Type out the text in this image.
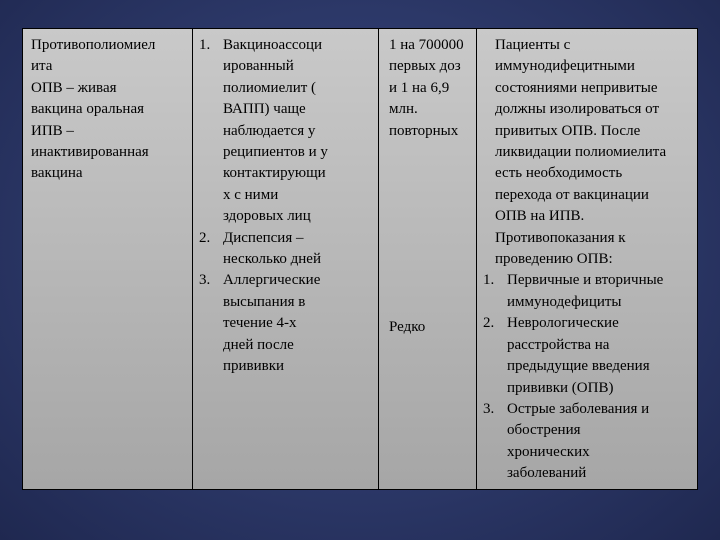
Противополиомиел
ита
ОПВ – живая
вакцина оральная
ИПВ –
инактивированная
вакцина
1. Вакциноассоци
ированный
полиомиелит (
ВАПП) чаще
наблюдается у
реципиентов и у
контактирующи
х с ними
здоровых лиц
2. Диспепсия –
несколько дней
3. Аллергические
высыпания в
течение 4-х
дней после
прививки
1 на 700000
первых доз
и 1 на 6,9
млн.
повторных
Редко
Пациенты с
иммунодифецитными
состояниями непривитые
должны изолироваться от
привитых ОПВ. После
ликвидации полиомиелита
есть необходимость
перехода от вакцинации
ОПВ на ИПВ.
Противопоказания к
проведению ОПВ:
1. Первичные и вторичные
иммунодефициты
2. Неврологические
расстройства на
предыдущие введения
прививки (ОПВ)
3. Острые заболевания и
обострения
хронических
заболеваний
